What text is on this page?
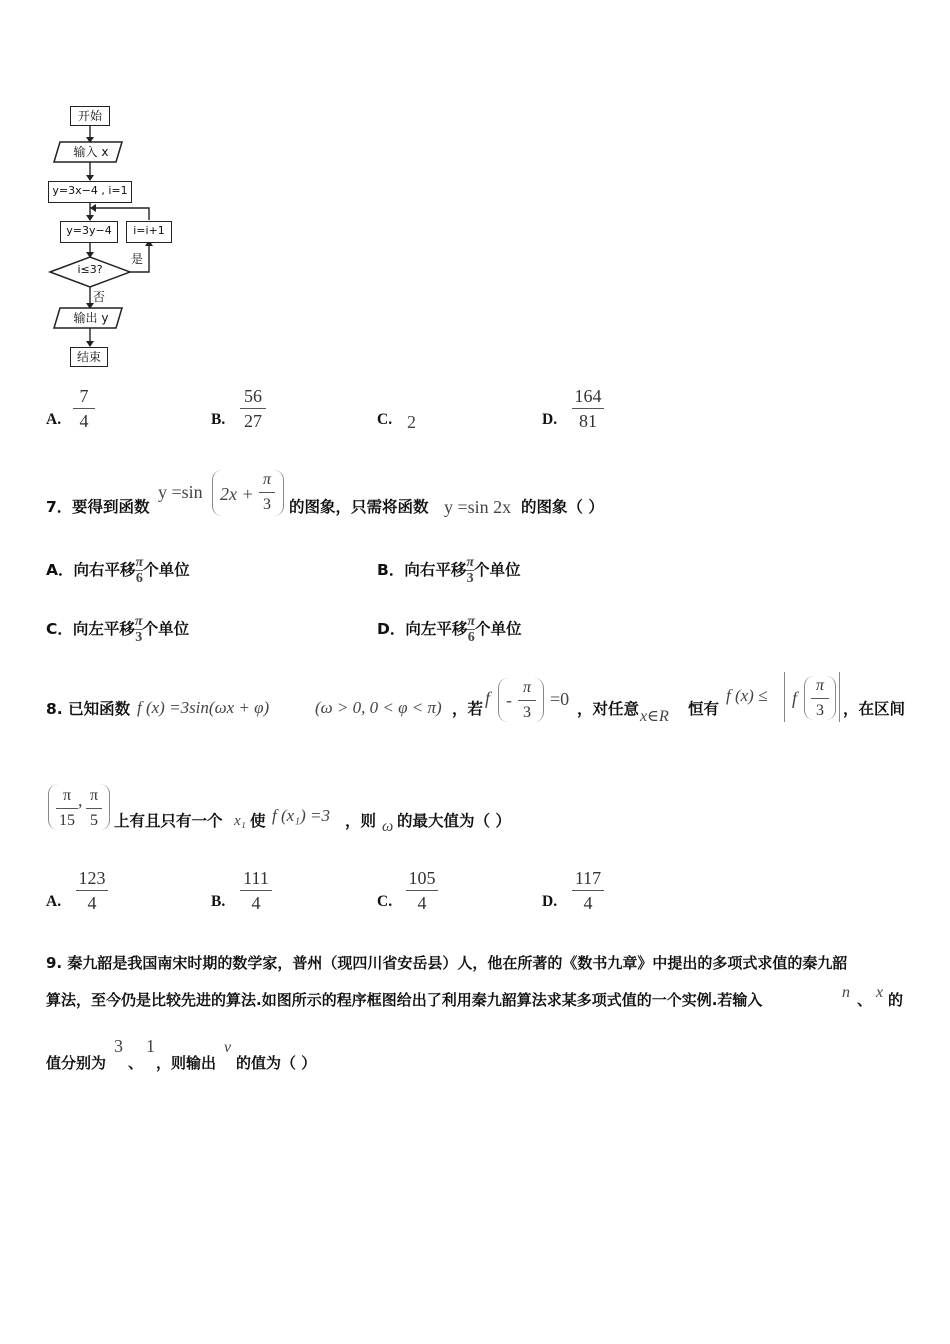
开始
输入 x
y=3x−4 , i=1
y=3y−4	i=i+1
i≤3?
是
否
输出 y
结束
A.
7
4	B.
56
27	C. 2	D.
164
81
7． 要得到函数
y =sin 2x +
π
3 的图象，只需将函数 y =sin 2x 的图象（ ）
A．向右平移 $\frac{\pi}{6}$ 个单位	B．向右平移 $\frac{\pi}{3}$ 个单位
C．向左平移 $\frac{\pi}{3}$ 个单位	D．向左平移 $\frac{\pi}{6}$ 个单位
8. 已知函数 f (x) =3sin(ωx + φ)	(ω > 0, 0 < φ < π) ，若
f -
π
3
=0 ，对任意 x∈R 恒有
f (x) ≤ f
π
3	，在区间
π
15
, π
5 上有且只有一个 x₁ 使 f (x₁) =3 ，则 ω 的最大值为（ ）
A.
123
4	B.
111
4	C.
105
4	D.
117
4
9. 秦九韶是我国南宋时期的数学家，普州（现四川省安岳县）人，他在所著的《数书九章》中提出的多项式求值的秦九韶
算法，至今仍是比较先进的算法.如图所示的程序框图给出了利用秦九韶算法求某多项式值的一个实例.若输入	n 、 x 的
值分别为
3
、
1
，则输出
v
的值为（ ）
